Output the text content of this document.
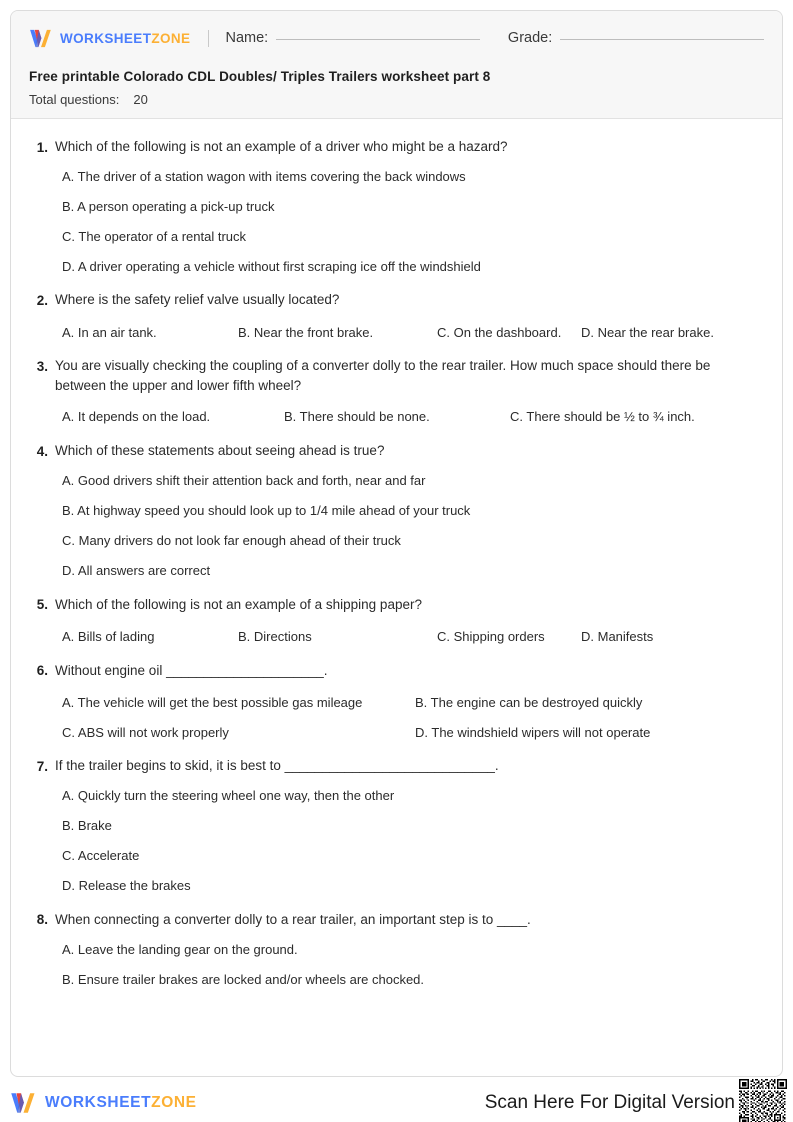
WORKSHEETZONE Name:	Grade:
Free printable Colorado CDL Doubles/ Triples Trailers worksheet part 8
Total questions: 20
1. Which of the following is not an example of a driver who might be a hazard?
A. The driver of a station wagon with items covering the back windows
B. A person operating a pick-up truck
C. The operator of a rental truck
D. A driver operating a vehicle without first scraping ice off the windshield
2. Where is the safety relief valve usually located?
A. In an air tank.	B. Near the front brake.	C. On the dashboard.	D. Near the rear brake.
3. You are visually checking the coupling of a converter dolly to the rear trailer. How much space should there be between the upper and lower fifth wheel?
A. It depends on the load.	B. There should be none.	C. There should be ½ to ¾ inch.
4. Which of these statements about seeing ahead is true?
A. Good drivers shift their attention back and forth, near and far
B. At highway speed you should look up to 1/4 mile ahead of your truck
C. Many drivers do not look far enough ahead of their truck
D. All answers are correct
5. Which of the following is not an example of a shipping paper?
A. Bills of lading	B. Directions	C. Shipping orders	D. Manifests
6. Without engine oil _____________________.
A. The vehicle will get the best possible gas mileage	B. The engine can be destroyed quickly
C. ABS will not work properly	D. The windshield wipers will not operate
7. If the trailer begins to skid, it is best to ____________________________.
A. Quickly turn the steering wheel one way, then the other
B. Brake
C. Accelerate
D. Release the brakes
8. When connecting a converter dolly to a rear trailer, an important step is to ____.
A. Leave the landing gear on the ground.
B. Ensure trailer brakes are locked and/or wheels are chocked.
WORKSHEETZONE	Scan Here For Digital Version
